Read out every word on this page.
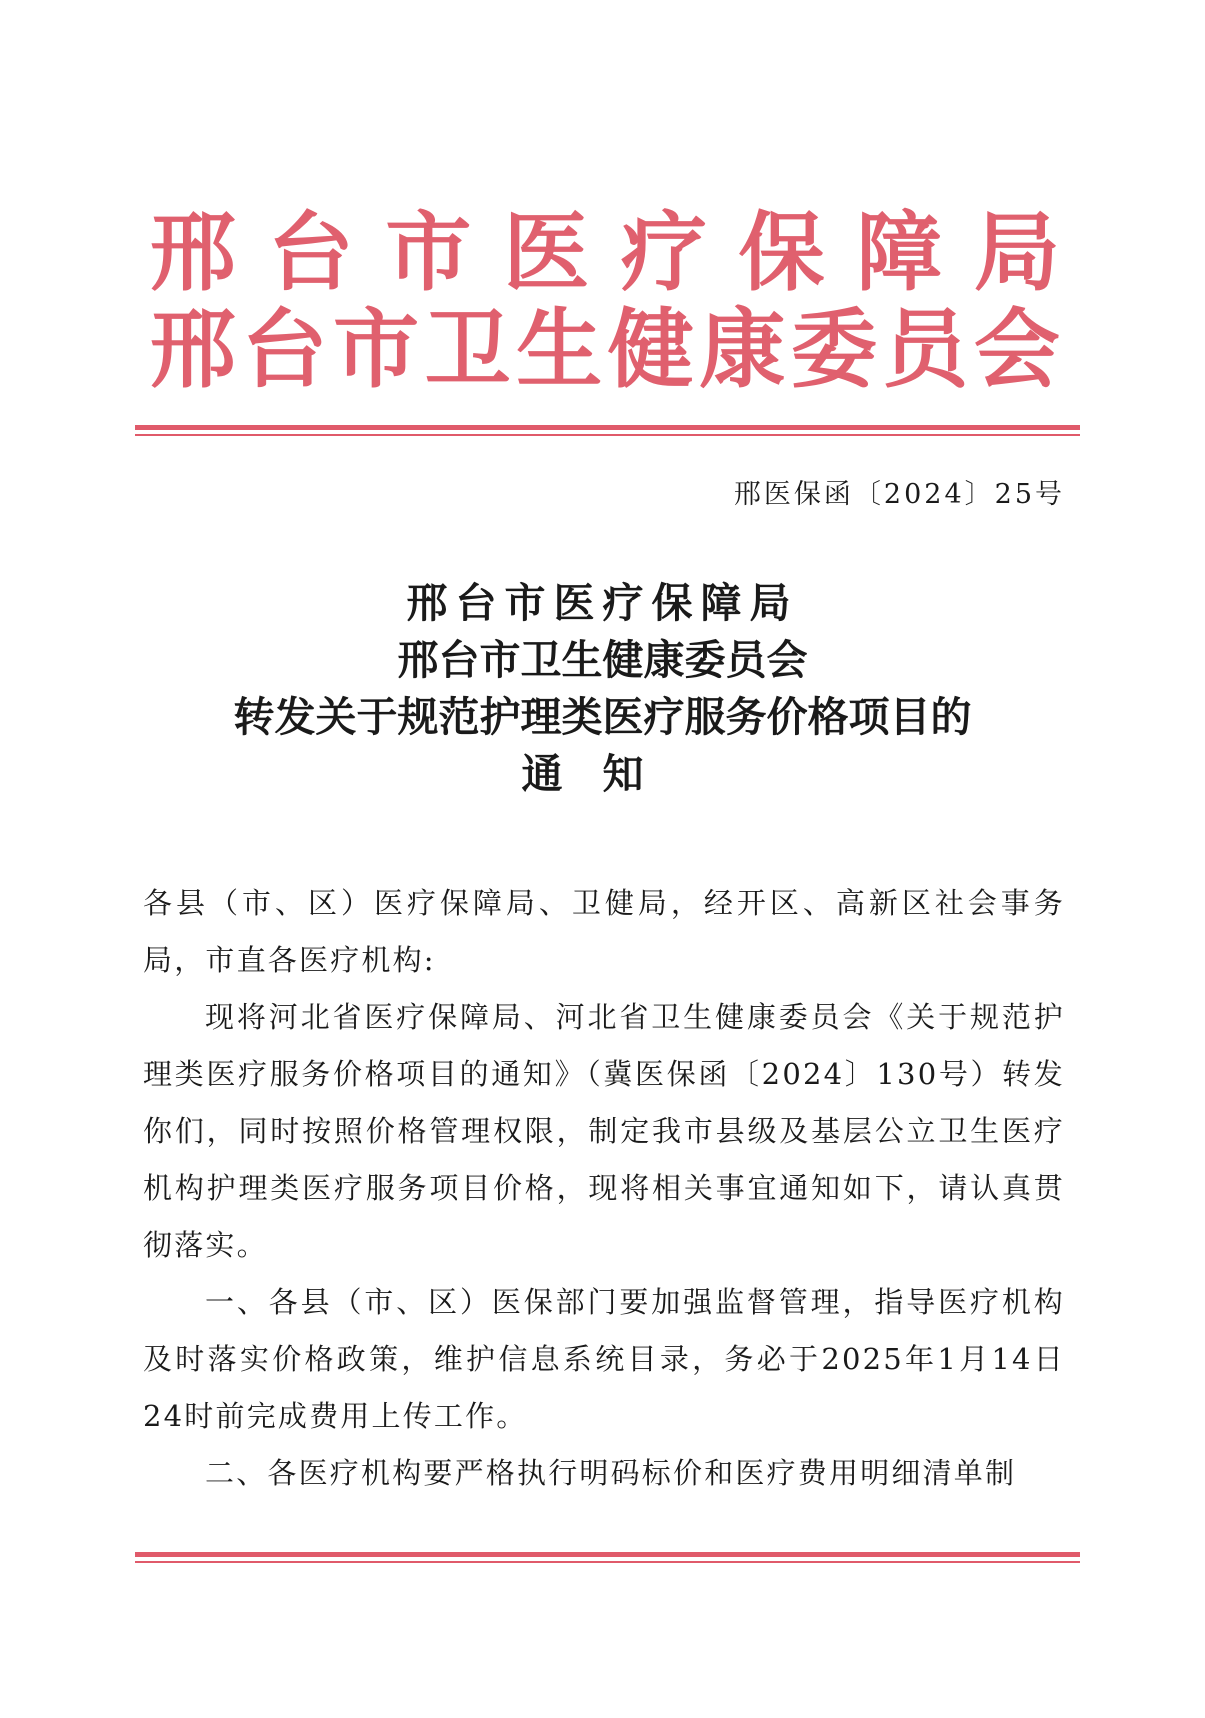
邢 台 市 医 疗 保 障 局
邢 台 市 卫 生 健 康 委 员 会
邢医保函〔2024〕25号
邢台市医疗保障局
邢台市卫生健康委员会
转发关于规范护理类医疗服务价格项目的
通知

各县（市、区）医疗保障局、卫健局，经开区、高新区社会事务局，市直各医疗机构:

现将河北省医疗保障局、河北省卫生健康委员会《关于规范护理类医疗服务价格项目的通知》（冀医保函〔2024〕130号）转发你们，同时按照价格管理权限，制定我市县级及基层公立卫生医疗机构护理类医疗服务项目价格，现将相关事宜通知如下，请认真贯彻落实。

一、各县（市、区）医保部门要加强监督管理，指导医疗机构及时落实价格政策，维护信息系统目录，务必于2025年1月14日24时前完成费用上传工作。

二、各医疗机构要严格执行明码标价和医疗费用明细清单制
